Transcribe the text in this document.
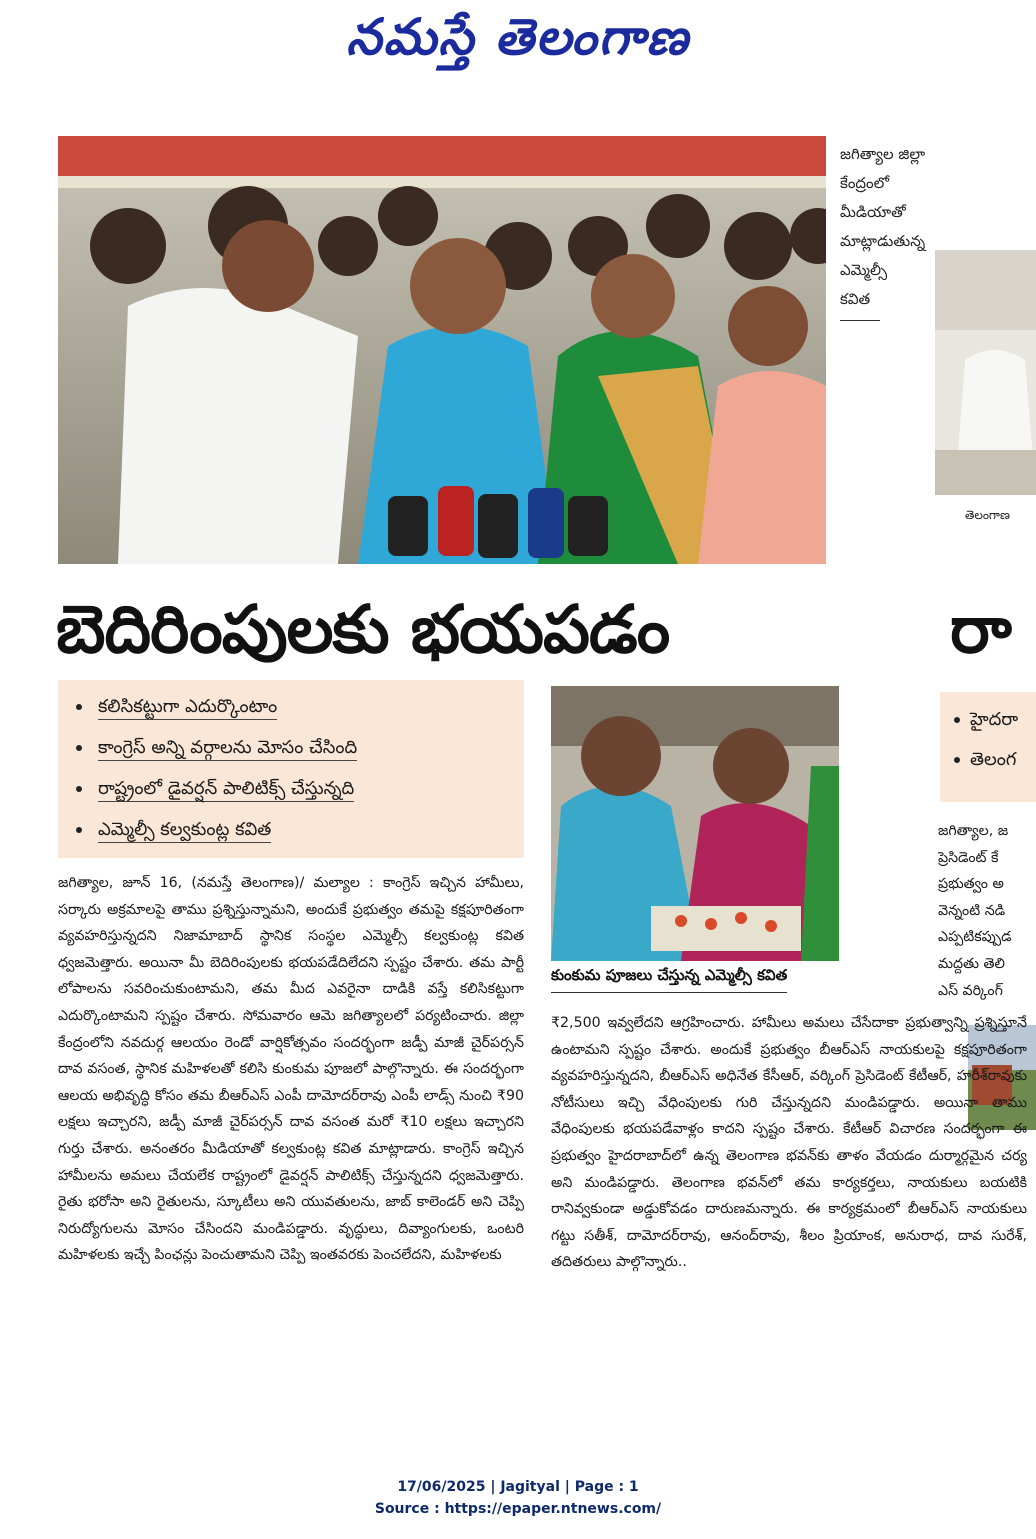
నమస్తే తెలంగాణ
జగిత్యాల జిల్లా
కేంద్రంలో
మీడియాతో
మాట్లాడుతున్న
ఎమ్మెల్సీ
కవిత
తెలంగాణ
బెదిరింపులకు భయపడం	రా
కలిసికట్టుగా ఎదుర్కొంటాం
కాంగ్రెస్ అన్ని వర్గాలను మోసం చేసింది
రాష్ట్రంలో డైవర్షన్ పాలిటిక్స్ చేస్తున్నది
ఎమ్మెల్సీ కల్వకుంట్ల కవిత
హైదరా
తెలంగ
కుంకుమ పూజలు చేస్తున్న ఎమ్మెల్సీ కవిత
జగిత్యాల, జూన్ 16, (నమస్తే తెలంగాణ)/ మల్యాల : కాంగ్రెస్ ఇచ్చిన హామీలు, సర్కారు అక్రమాలపై తాము ప్రశ్నిస్తున్నామని, అందుకే ప్రభుత్వం తమపై కక్షపూరితంగా వ్యవహరిస్తున్నదని నిజామాబాద్ స్థానిక సంస్థల ఎమ్మెల్సీ కల్వకుంట్ల కవిత ధ్వజమెత్తారు. అయినా మీ బెదిరింపులకు భయపడేదిలేదని స్పష్టం చేశారు. తమ పార్టీ లోపాలను సవరించుకుంటామని, తమ మీద ఎవరైనా దాడికి వస్తే కలిసికట్టుగా ఎదుర్కొంటామని స్పష్టం చేశారు. సోమవారం ఆమె జగిత్యాలలో పర్యటించారు. జిల్లా కేంద్రంలోని నవదుర్గ ఆలయం రెండో వార్షికోత్సవం సందర్భంగా జడ్పీ మాజీ చైర్‌పర్సన్ దావ వసంత, స్థానిక మహిళలతో కలిసి కుంకుమ పూజలో పాల్గొన్నారు. ఈ సందర్భంగా ఆలయ అభివృద్ధి కోసం తమ బీఆర్ఎస్ ఎంపీ దామోదర్‌రావు ఎంపీ లాడ్స్ నుంచి ₹90 లక్షలు ఇచ్చారని, జడ్పీ మాజీ చైర్‌పర్సన్ దావ వసంత మరో ₹10 లక్షలు ఇచ్చారని గుర్తు చేశారు. అనంతరం మీడియాతో కల్వకుంట్ల కవిత మాట్లాడారు. కాంగ్రెస్ ఇచ్చిన హామీలను అమలు చేయలేక రాష్ట్రంలో డైవర్షన్ పాలిటిక్స్ చేస్తున్నదని ధ్వజమెత్తారు. రైతు భరోసా అని రైతులను, స్కూటీలు అని యువతులను, జాబ్ కాలెండర్ అని చెప్పి నిరుద్యోగులను మోసం చేసిందని మండిపడ్డారు. వృద్ధులు, దివ్యాంగులకు, ఒంటరి మహిళలకు ఇచ్చే పింఛన్లు పెంచుతామని చెప్పి ఇంతవరకు పెంచలేదని, మహిళలకు
₹2,500 ఇవ్వలేదని ఆగ్రహించారు. హామీలు అమలు చేసేదాకా ప్రభుత్వాన్ని ప్రశ్నిస్తూనే ఉంటామని స్పష్టం చేశారు. అందుకే ప్రభుత్వం బీఆర్ఎస్ నాయకులపై కక్షపూరితంగా వ్యవహరిస్తున్నదని, బీఆర్ఎస్ అధినేత కేసీఆర్, వర్కింగ్ ప్రెసిడెంట్ కేటీఆర్, హరీశ్‌రావుకు నోటీసులు ఇచ్చి వేధింపులకు గురి చేస్తున్నదని మండిపడ్డారు. అయినా తాము వేధింపులకు భయపడేవాళ్లం కాదని స్పష్టం చేశారు. కేటీఆర్ విచారణ సందర్భంగా ఈ ప్రభుత్వం హైదరాబాద్‌లో ఉన్న తెలంగాణ భవన్‌కు తాళం వేయడం దుర్మార్గమైన చర్య అని మండిపడ్డారు. తెలంగాణ భవన్‌లో తమ కార్యకర్తలు, నాయకులు బయటికి రానివ్వకుండా అడ్డుకోవడం దారుణమన్నారు. ఈ కార్యక్రమంలో బీఆర్ఎస్ నాయకులు గట్టు సతీశ్, దామోదర్‌రావు, ఆనంద్‌రావు, శీలం ప్రియాంక, అనురాధ, దావ సురేశ్, తదితరులు పాల్గొన్నారు..

జగిత్యాల, జ

ప్రెసిడెంట్ కే

ప్రభుత్వం అ

వెన్నంటి నడి

ఎప్పటికప్పుడ

మద్దతు తెలి

ఎస్ వర్కింగ్

17/06/2025 | Jagityal | Page : 1
Source : https://epaper.ntnews.com/
